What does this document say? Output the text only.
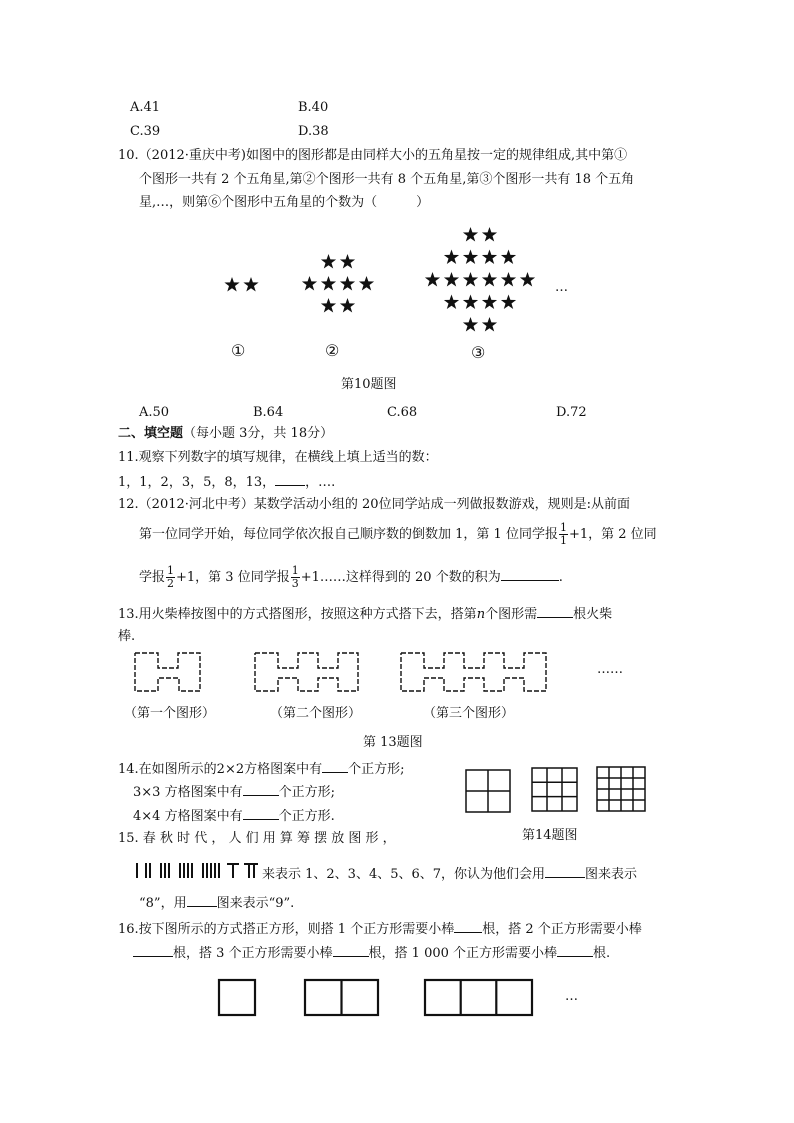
A.41	B.40
C.39	D.38
10.（2012·重庆中考)如图中的图形都是由同样大小的五角星按一定的规律组成,其中第①
个图形一共有 2 个五角星,第②个图形一共有 8 个五角星,第③个图形一共有 18 个五角
星,…，则第⑥个图形中五角星的个数为（　　　）
…
①	②	③
第10题图
A.50	B.64	C.68	D.72
二、填空题（每小题 3分，共 18分）
11.观察下列数字的填写规律，在横线上填上适当的数：
1，1，2，3，5，8，13， ，….
12.（2012·河北中考）某数学活动小组的 20位同学站成一列做报数游戏，规则是:从前面
第一位同学开始，每位同学依次报自己顺序数的倒数加 1，第 1 位同学报 $\frac{1}{1} +1$，第 2 位同
学报 $\frac{1}{2} +1$，第 3 位同学报 $\frac{1}{3}$ +1……这样得到的 20 个数的积为	.
13.用火柴棒按图中的方式搭图形，按照这种方式搭下去，搭第n个图形需	根火柴
棒.
……
（第一个图形）	（第二个图形）	（第三个图形）
第 13题图
14.在如图所示的2×2方格图案中有 个正方形;
3×3 方格图案中有	个正方形;
4×4 方格图案中有	个正方形.
第14题图
15. 春 秋 时 代 ， 人 们 用 算 筹 摆 放 图 形 ，
来表示 1、2、3、4、5、6、7，你认为他们会用	图来表示
“8”，用 图来表示“9”.
16.按下图所示的方式搭正方形，则搭 1 个正方形需要小棒 根，搭 2 个正方形需要小棒
根，搭 3 个正方形需要小棒	根，搭 1 000 个正方形需要小棒	根.
…
